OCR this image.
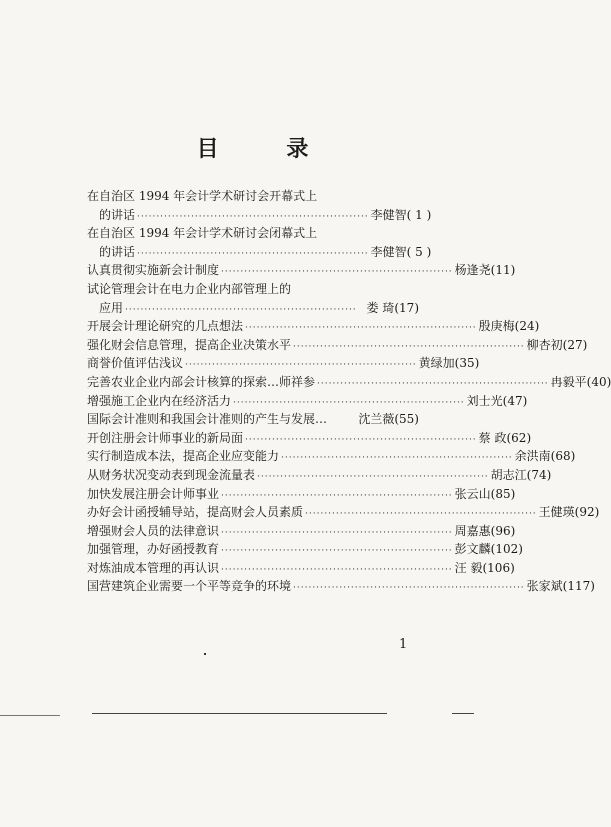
目 录
在自治区 1994 年会计学术研讨会开幕式上
的讲话 ···························································· 李健智( 1 )
在自治区 1994 年会计学术研讨会闭幕式上
的讲话 ···························································· 李健智( 5 )
认真贯彻实施新会计制度 ···························································· 杨逢尧(11)
试论管理会计在电力企业内部管理上的
应用 ···························································· 娄 琦(17)
开展会计理论研究的几点想法 ···························································· 殷庚梅(24)
强化财会信息管理，提高企业决策水平 ···························································· 柳杏初(27)
商誉价值评估浅议 ···························································· 黄绿加(35)
完善农业企业内部会计核算的探索…师祥参 ···························································· 冉毅平(40)
增强施工企业内在经济活力 ···························································· 刘士光(47)
国际会计准则和我国会计准则的产生与发展…	沈兰薇(55)
开创注册会计师事业的新局面 ···························································· 蔡 政(62)
实行制造成本法，提高企业应变能力 ···························································· 余洪南(68)
从财务状况变动表到现金流量表 ···························································· 胡志江(74)
加快发展注册会计师事业 ···························································· 张云山(85)
办好会计函授辅导站，提高财会人员素质 ···························································· 王健瑛(92)
增强财会人员的法律意识 ···························································· 周嘉惠(96)
加强管理，办好函授教育 ···························································· 彭文麟(102)
对炼油成本管理的再认识 ···························································· 汪 毅(106)
国营建筑企业需要一个平等竞争的环境 ···························································· 张家斌(117)
1
